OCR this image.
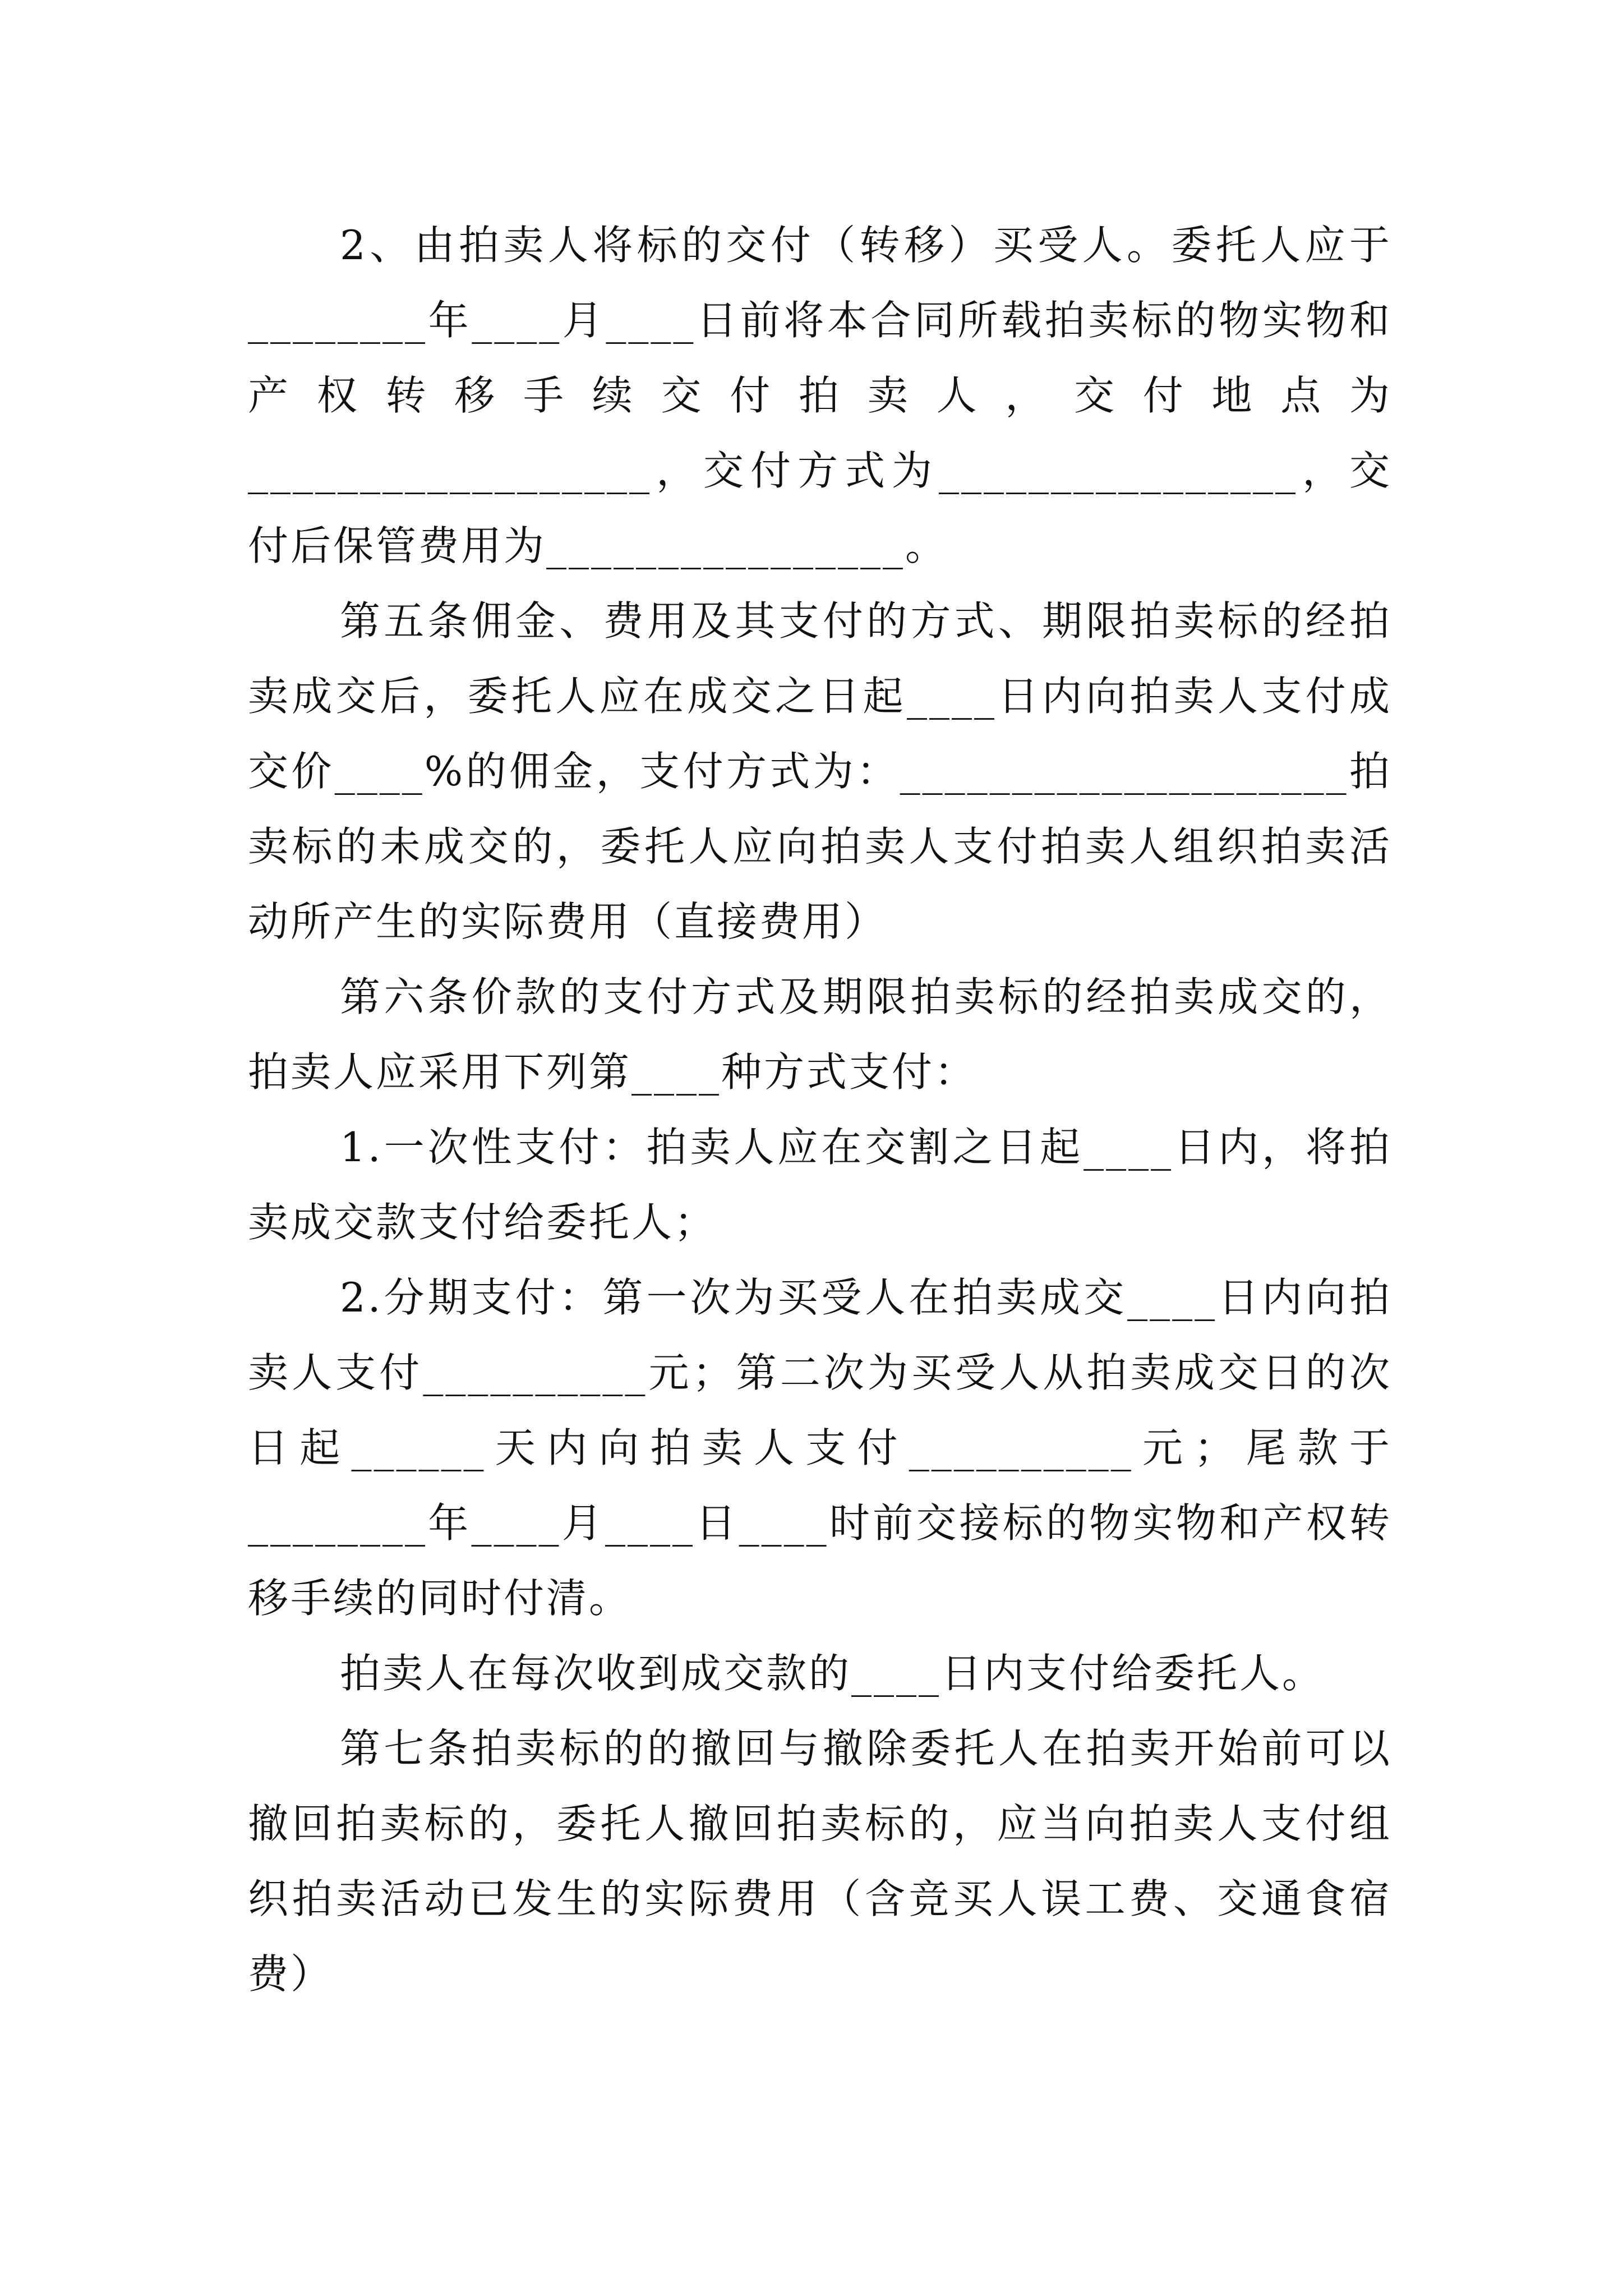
2、由拍卖人将标的交付（转移）买受人。委托人应于________年____月____日前将本合同所载拍卖标的物实物和产权转移手续交付拍卖人，交付地点为__________________，交付方式为________________，交付后保管费用为________________。

第五条佣金、费用及其支付的方式、期限拍卖标的经拍卖成交后，委托人应在成交之日起____日内向拍卖人支付成交价____%的佣金，支付方式为：____________________拍卖标的未成交的，委托人应向拍卖人支付拍卖人组织拍卖活动所产生的实际费用（直接费用）

第六条价款的支付方式及期限拍卖标的经拍卖成交的，拍卖人应采用下列第____种方式支付：

1.一次性支付：拍卖人应在交割之日起____日内，将拍卖成交款支付给委托人；

2.分期支付：第一次为买受人在拍卖成交____日内向拍卖人支付__________元；第二次为买受人从拍卖成交日的次日起______天内向拍卖人支付__________元；尾款于________年____月____日____时前交接标的物实物和产权转移手续的同时付清。

拍卖人在每次收到成交款的____日内支付给委托人。

第七条拍卖标的的撤回与撤除委托人在拍卖开始前可以撤回拍卖标的，委托人撤回拍卖标的，应当向拍卖人支付组织拍卖活动已发生的实际费用（含竞买人误工费、交通食宿费）
